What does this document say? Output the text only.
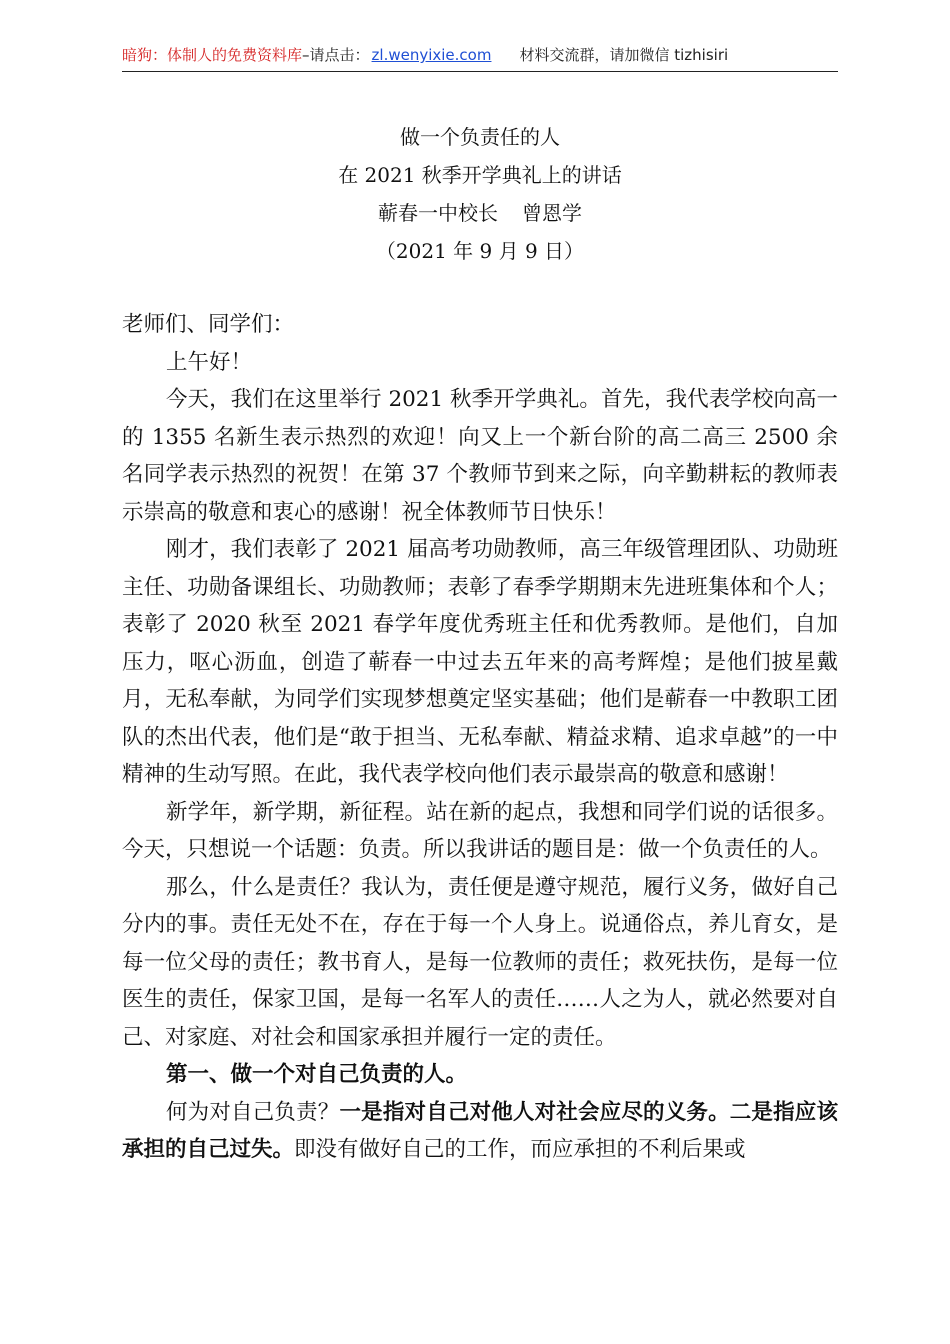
暗狗：体制人的免费资料库–请点击： zl.wenyixie.com 材料交流群，请加微信 tizhisiri
做一个负责任的人
在 2021 秋季开学典礼上的讲话
蕲春一中校长 曾恩学
（2021 年 9 月 9 日）

老师们、同学们：

上午好！

今天，我们在这里举行 2021 秋季开学典礼。首先，我代表学校向高一的 1355 名新生表示热烈的欢迎！向又上一个新台阶的高二高三 2500 余名同学表示热烈的祝贺！在第 37 个教师节到来之际，向辛勤耕耘的教师表示崇高的敬意和衷心的感谢！祝全体教师节日快乐！

刚才，我们表彰了 2021 届高考功勋教师，高三年级管理团队、功勋班主任、功勋备课组长、功勋教师；表彰了春季学期期末先进班集体和个人；表彰了 2020 秋至 2021 春学年度优秀班主任和优秀教师。是他们，自加压力，呕心沥血，创造了蕲春一中过去五年来的高考辉煌；是他们披星戴月，无私奉献，为同学们实现梦想奠定坚实基础；他们是蕲春一中教职工团队的杰出代表，他们是“敢于担当、无私奉献、精益求精、追求卓越”的一中精神的生动写照。在此，我代表学校向他们表示最崇高的敬意和感谢！

新学年，新学期，新征程。站在新的起点，我想和同学们说的话很多。今天，只想说一个话题：负责。所以我讲话的题目是：做一个负责任的人。

那么，什么是责任？我认为，责任便是遵守规范，履行义务，做好自己分内的事。责任无处不在，存在于每一个人身上。说通俗点，养儿育女，是每一位父母的责任；教书育人，是每一位教师的责任；救死扶伤，是每一位医生的责任，保家卫国，是每一名军人的责任……人之为人，就必然要对自己、对家庭、对社会和国家承担并履行一定的责任。

第一、做一个对自己负责的人。

何为对自己负责？一是指对自己对他人对社会应尽的义务。二是指应该承担的自己过失。即没有做好自己的工作，而应承担的不利后果或
